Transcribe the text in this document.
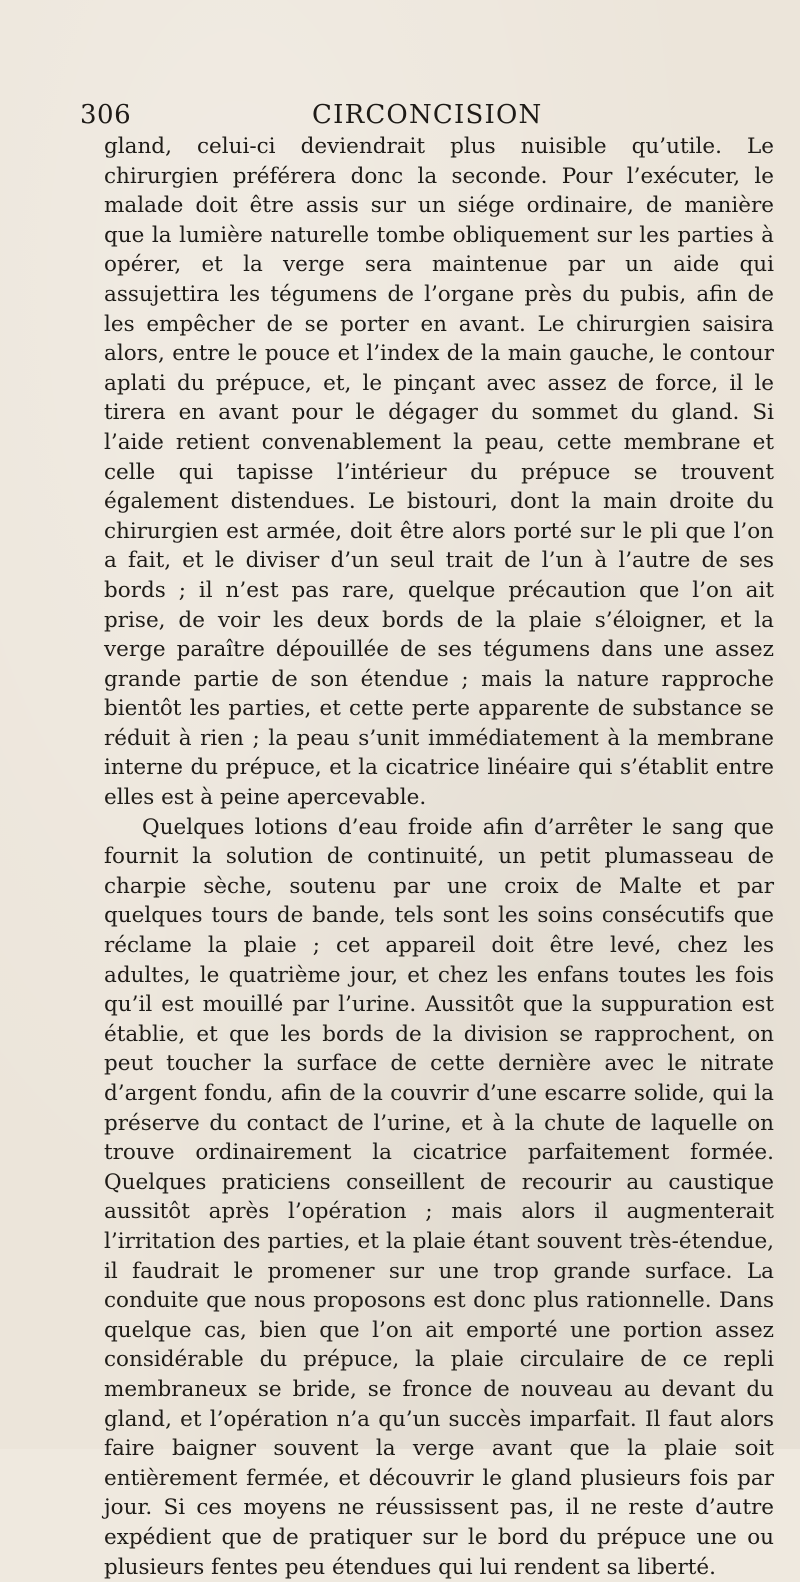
306	CIRCONCISION

gland, celui-ci deviendrait plus nuisible qu’utile. Le chirurgien préférera donc la seconde. Pour l’exécuter, le malade doit être assis sur un siége ordinaire, de manière que la lumière naturelle tombe obliquement sur les parties à opérer, et la verge sera maintenue par un aide qui assujettira les tégumens de l’organe près du pubis, afin de les empêcher de se porter en avant. Le chirurgien saisira alors, entre le pouce et l’index de la main gauche, le contour aplati du prépuce, et, le pinçant avec assez de force, il le tirera en avant pour le dégager du sommet du gland. Si l’aide retient convenablement la peau, cette membrane et celle qui tapisse l’intérieur du prépuce se trouvent également distendues. Le bistouri, dont la main droite du chirurgien est armée, doit être alors porté sur le pli que l’on a fait, et le diviser d’un seul trait de l’un à l’autre de ses bords ; il n’est pas rare, quelque précaution que l’on ait prise, de voir les deux bords de la plaie s’éloigner, et la verge paraître dépouillée de ses tégumens dans une assez grande partie de son étendue ; mais la nature rapproche bientôt les parties, et cette perte apparente de substance se réduit à rien ; la peau s’unit immédiatement à la membrane interne du prépuce, et la cicatrice linéaire qui s’établit entre elles est à peine apercevable.

Quelques lotions d’eau froide afin d’arrêter le sang que fournit la solution de continuité, un petit plumasseau de charpie sèche, soutenu par une croix de Malte et par quelques tours de bande, tels sont les soins consécutifs que réclame la plaie ; cet appareil doit être levé, chez les adultes, le quatrième jour, et chez les enfans toutes les fois qu’il est mouillé par l’urine. Aussitôt que la suppuration est établie, et que les bords de la division se rapprochent, on peut toucher la surface de cette dernière avec le nitrate d’argent fondu, afin de la couvrir d’une escarre solide, qui la préserve du contact de l’urine, et à la chute de laquelle on trouve ordinairement la cicatrice parfaitement formée. Quelques praticiens conseillent de recourir au caustique aussitôt après l’opération ; mais alors il augmenterait l’irritation des parties, et la plaie étant souvent très-étendue, il faudrait le promener sur une trop grande surface. La conduite que nous proposons est donc plus rationnelle. Dans quelque cas, bien que l’on ait emporté une portion assez considérable du prépuce, la plaie circulaire de ce repli membraneux se bride, se fronce de nouveau au devant du gland, et l’opération n’a qu’un succès imparfait. Il faut alors faire baigner souvent la verge avant que la plaie soit entièrement fermée, et découvrir le gland plusieurs fois par jour. Si ces moyens ne réussissent pas, il ne reste d’autre expédient que de pratiquer sur le bord du prépuce une ou plusieurs fentes peu étendues qui lui rendent sa liberté.
